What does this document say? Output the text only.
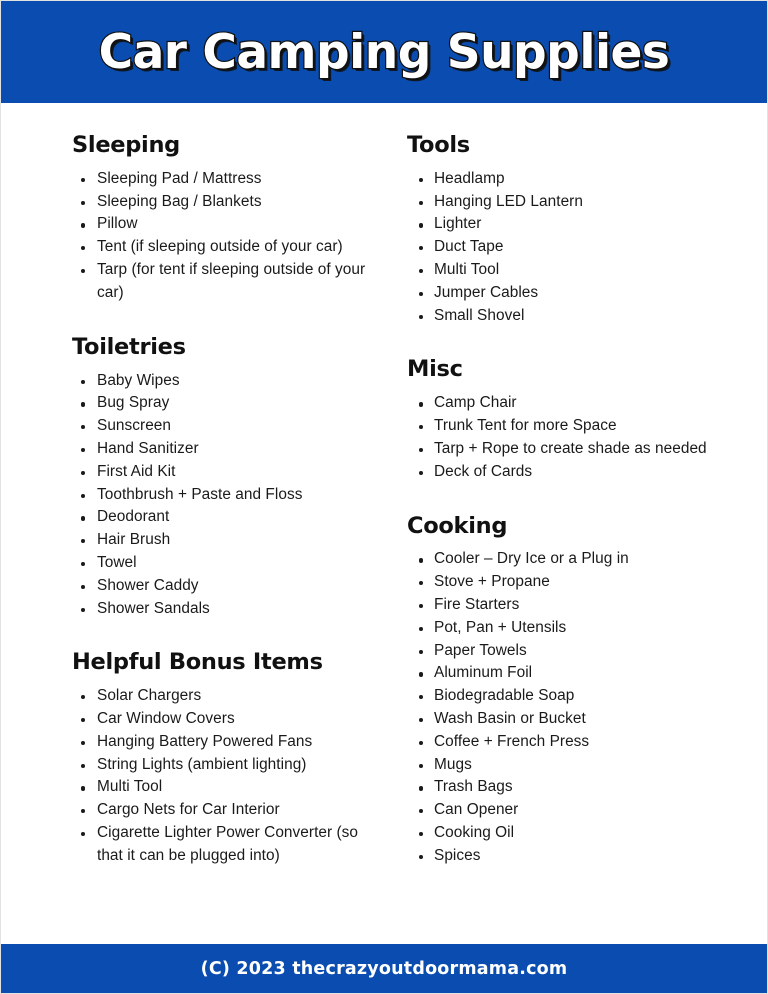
Car Camping Supplies
Sleeping
Sleeping Pad / Mattress
Sleeping Bag / Blankets
Pillow
Tent (if sleeping outside of your car)
Tarp (for tent if sleeping outside of your car)
Toiletries
Baby Wipes
Bug Spray
Sunscreen
Hand Sanitizer
First Aid Kit
Toothbrush + Paste and Floss
Deodorant
Hair Brush
Towel
Shower Caddy
Shower Sandals
Helpful Bonus Items
Solar Chargers
Car Window Covers
Hanging Battery Powered Fans
String Lights (ambient lighting)
Multi Tool
Cargo Nets for Car Interior
Cigarette Lighter Power Converter (so that it can be plugged into)
Tools
Headlamp
Hanging LED Lantern
Lighter
Duct Tape
Multi Tool
Jumper Cables
Small Shovel
Misc
Camp Chair
Trunk Tent for more Space
Tarp + Rope to create shade as needed
Deck of Cards
Cooking
Cooler – Dry Ice or a Plug in
Stove + Propane
Fire Starters
Pot, Pan + Utensils
Paper Towels
Aluminum Foil
Biodegradable Soap
Wash Basin or Bucket
Coffee + French Press
Mugs
Trash Bags
Can Opener
Cooking Oil
Spices
(C) 2023 thecrazyoutdoormama.com
